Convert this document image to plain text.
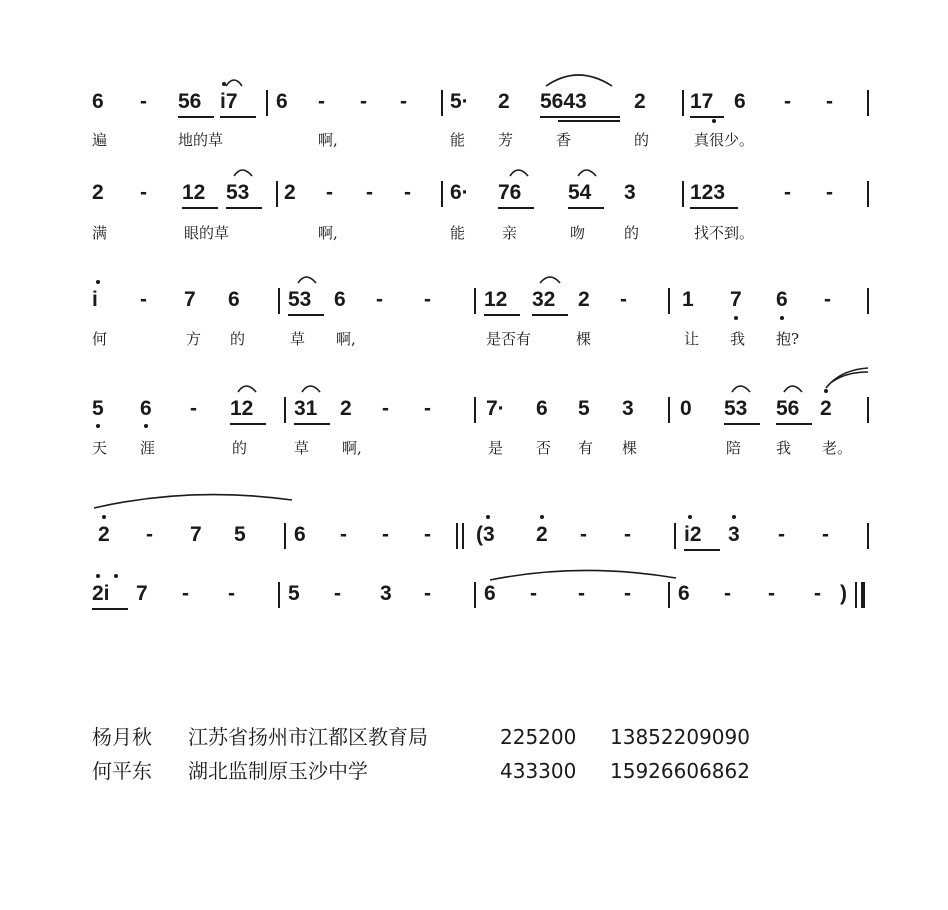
6 - 56 i7 6 - - - 5· 2 5643 2 17 6 - -
遍	地的草	啊,	能 芳	香	的	真很少。
2 - 12 53 2 - - - 6· 76 54 3	123	- -
满	眼的草	啊,	能 亲	吻	的	找不到。
i - 7 6 53 6 - -	12 32 2 -	1 7 6 -
何	方 的	草 啊,	是否有	棵	让 我 抱?
5 6 - 12 31 2 - -	7· 6 5 3 0 53 56 2
天 涯	的	草 啊,	是 否 有 棵	陪 我 老。
2 - 7 5 6 - - - (3 2 - -	i2 3 - -
2i 7 - -	5 - 3 -	6 - - - 6 - - - )
杨月秋 江苏省扬州市江都区教育局	225200 13852209090
何平东 湖北监制原玉沙中学	433300 15926606862
